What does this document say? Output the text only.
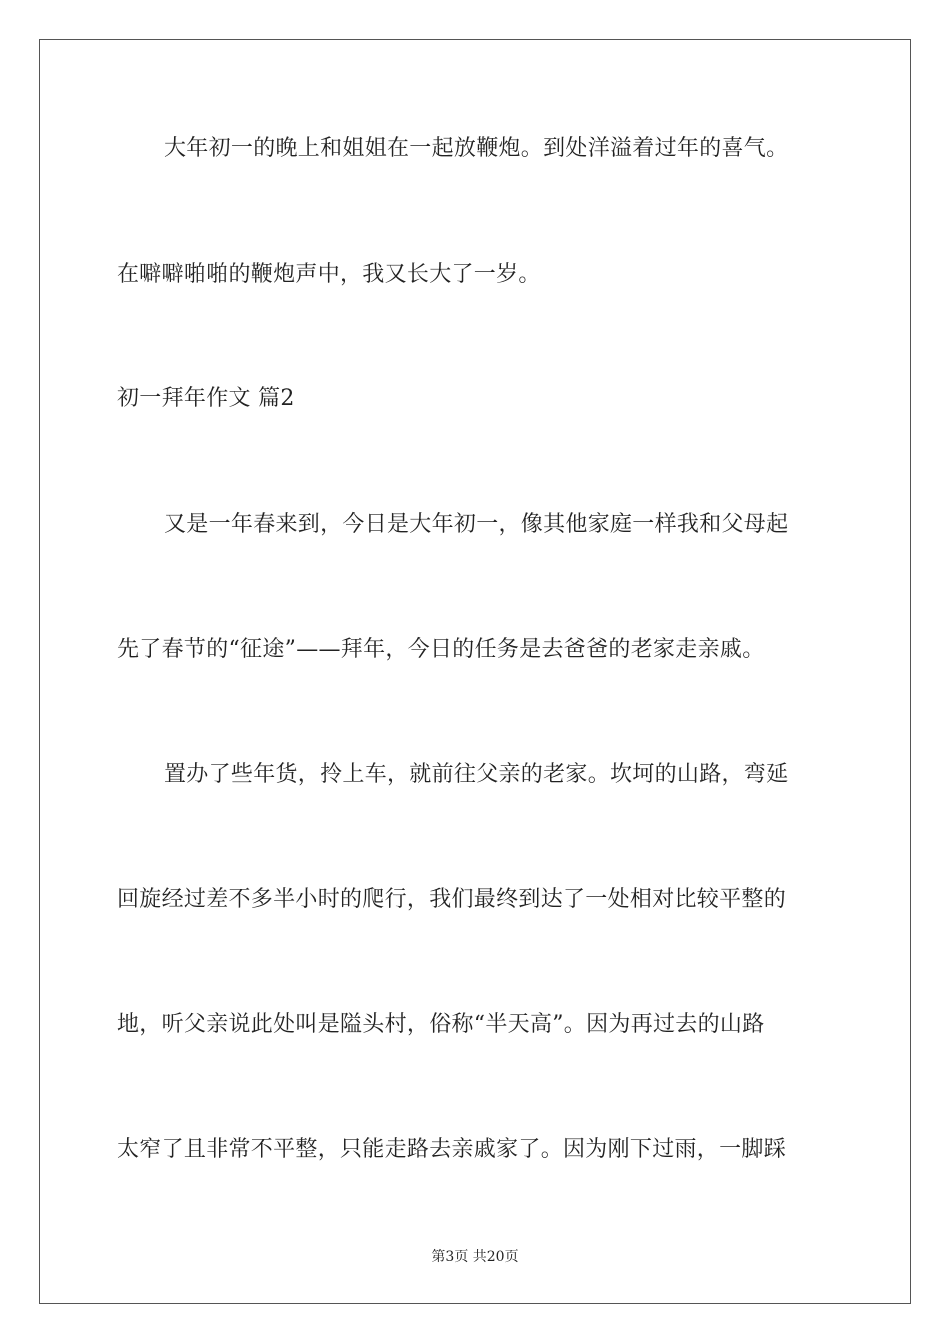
大年初一的晚上和姐姐在一起放鞭炮。到处洋溢着过年的喜气。
在噼噼啪啪的鞭炮声中，我又长大了一岁。
初一拜年作文 篇2
又是一年春来到，今日是大年初一，像其他家庭一样我和父母起
先了春节的“征途”——拜年，今日的任务是去爸爸的老家走亲戚。
置办了些年货，拎上车，就前往父亲的老家。坎坷的山路，弯延
回旋经过差不多半小时的爬行，我们最终到达了一处相对比较平整的
地，听父亲说此处叫是隘头村，俗称“半天高”。因为再过去的山路
太窄了且非常不平整，只能走路去亲戚家了。因为刚下过雨，一脚踩
第3页 共20页
